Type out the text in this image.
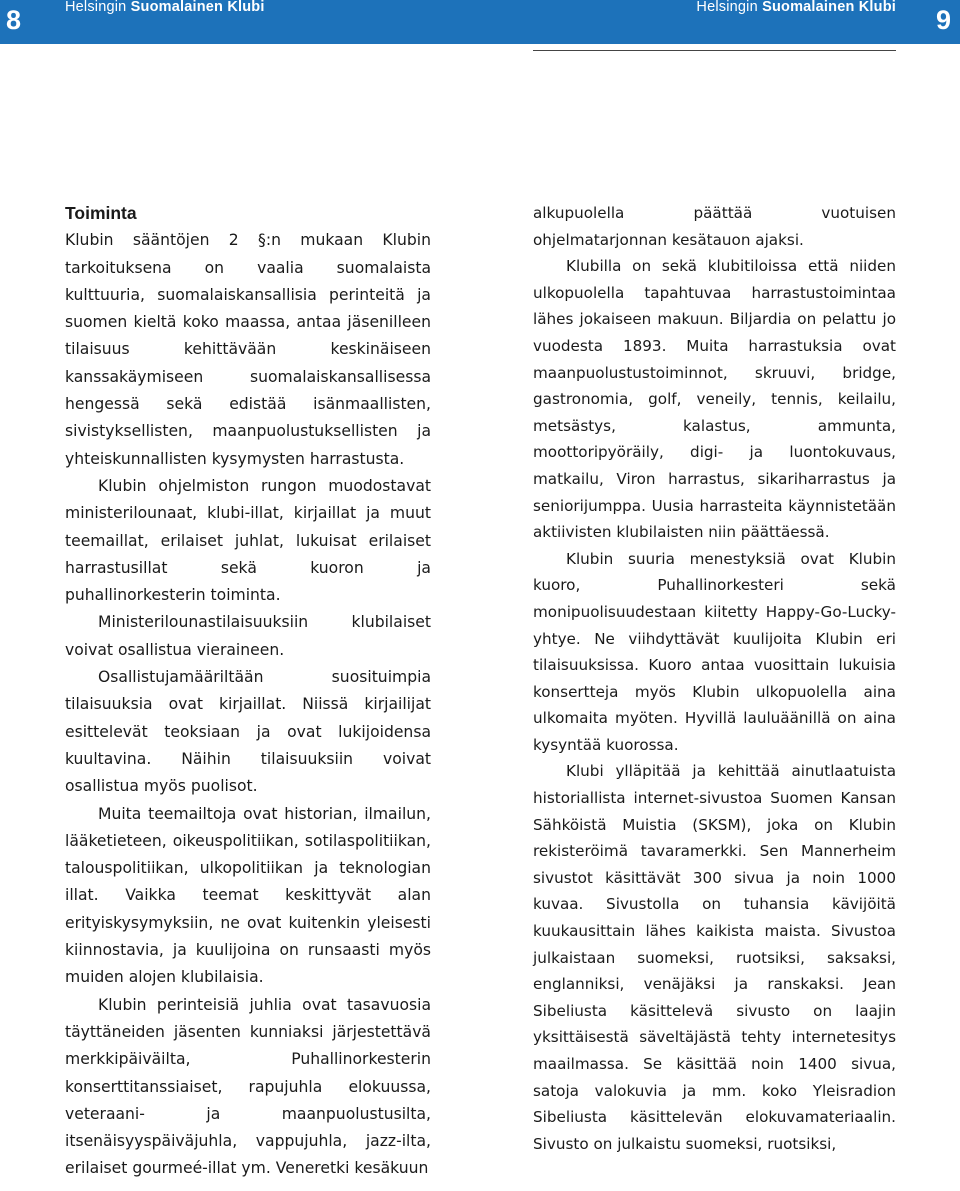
8	Helsingin Suomalainen Klubi	Helsingin Suomalainen Klubi 9
Toiminta

Klubin sääntöjen 2 §:n mukaan Klubin tarkoituksena on vaalia suomalaista kulttuuria, suomalaiskansallisia perinteitä ja suomen kieltä koko maassa, antaa jäsenilleen tilaisuus kehittävään keskinäiseen kanssakäymiseen suomalaiskansallisessa hengessä sekä edistää isänmaallisten, sivistyksellisten, maanpuolustuksellisten ja yhteiskunnallisten kysymysten harrastusta.

Klubin ohjelmiston rungon muodostavat ministerilounaat, klubi-illat, kirjaillat ja muut teemaillat, erilaiset juhlat, lukuisat erilaiset harrastusillat sekä kuoron ja puhallinorkesterin toiminta.

Ministerilounastilaisuuksiin klubilaiset voivat osallistua vieraineen.

Osallistujamääriltään suosituimpia tilaisuuksia ovat kirjaillat. Niissä kirjailijat esittelevät teoksiaan ja ovat lukijoidensa kuultavina. Näihin tilaisuuksiin voivat osallistua myös puolisot.

Muita teemailtoja ovat historian, ilmailun, lääketieteen, oikeuspolitiikan, sotilaspolitiikan, talouspolitiikan, ulkopolitiikan ja teknologian illat. Vaikka teemat keskittyvät alan erityiskysymyksiin, ne ovat kuitenkin yleisesti kiinnostavia, ja kuulijoina on runsaasti myös muiden alojen klubilaisia.

Klubin perinteisiä juhlia ovat tasavuosia täyttäneiden jäsenten kunniaksi järjestettävä merkkipäiväilta, Puhallinorkesterin konserttitanssiaiset, rapujuhla elokuussa, veteraani- ja maanpuolustusilta, itsenäisyyspäiväjuhla, vappujuhla, jazz-ilta, erilaiset gourmeé-illat ym. Veneretki kesäkuun

alkupuolella päättää vuotuisen ohjelmatarjonnan kesätauon ajaksi.

Klubilla on sekä klubitiloissa että niiden ulkopuolella tapahtuvaa harrastustoimintaa lähes jokaiseen makuun. Biljardia on pelattu jo vuodesta 1893. Muita harrastuksia ovat maanpuolustustoiminnot, skruuvi, bridge, gastronomia, golf, veneily, tennis, keilailu, metsästys, kalastus, ammunta, moottoripyöräily, digi- ja luontokuvaus, matkailu, Viron harrastus, sikariharrastus ja seniorijumppa. Uusia harrasteita käynnistetään aktiivisten klubilaisten niin päättäessä.

Klubin suuria menestyksiä ovat Klubin kuoro, Puhallinorkesteri sekä monipuolisuudestaan kiitetty Happy-Go-Lucky-yhtye. Ne viihdyttävät kuulijoita Klubin eri tilaisuuksissa. Kuoro antaa vuosittain lukuisia konsertteja myös Klubin ulkopuolella aina ulkomaita myöten. Hyvillä lauluäänillä on aina kysyntää kuorossa.

Klubi ylläpitää ja kehittää ainutlaatuista historiallista internet-sivustoa Suomen Kansan Sähköistä Muistia (SKSM), joka on Klubin rekisteröimä tavaramerkki. Sen Mannerheim sivustot käsittävät 300 sivua ja noin 1000 kuvaa. Sivustolla on tuhansia kävijöitä kuukausittain lähes kaikista maista. Sivustoa julkaistaan suomeksi, ruotsiksi, saksaksi, englanniksi, venäjäksi ja ranskaksi. Jean Sibeliusta käsittelevä sivusto on laajin yksittäisestä säveltäjästä tehty internetesitys maailmassa. Se käsittää noin 1400 sivua, satoja valokuvia ja mm. koko Yleisradion Sibeliusta käsittelevän elokuvamateriaalin. Sivusto on julkaistu suomeksi, ruotsiksi,
